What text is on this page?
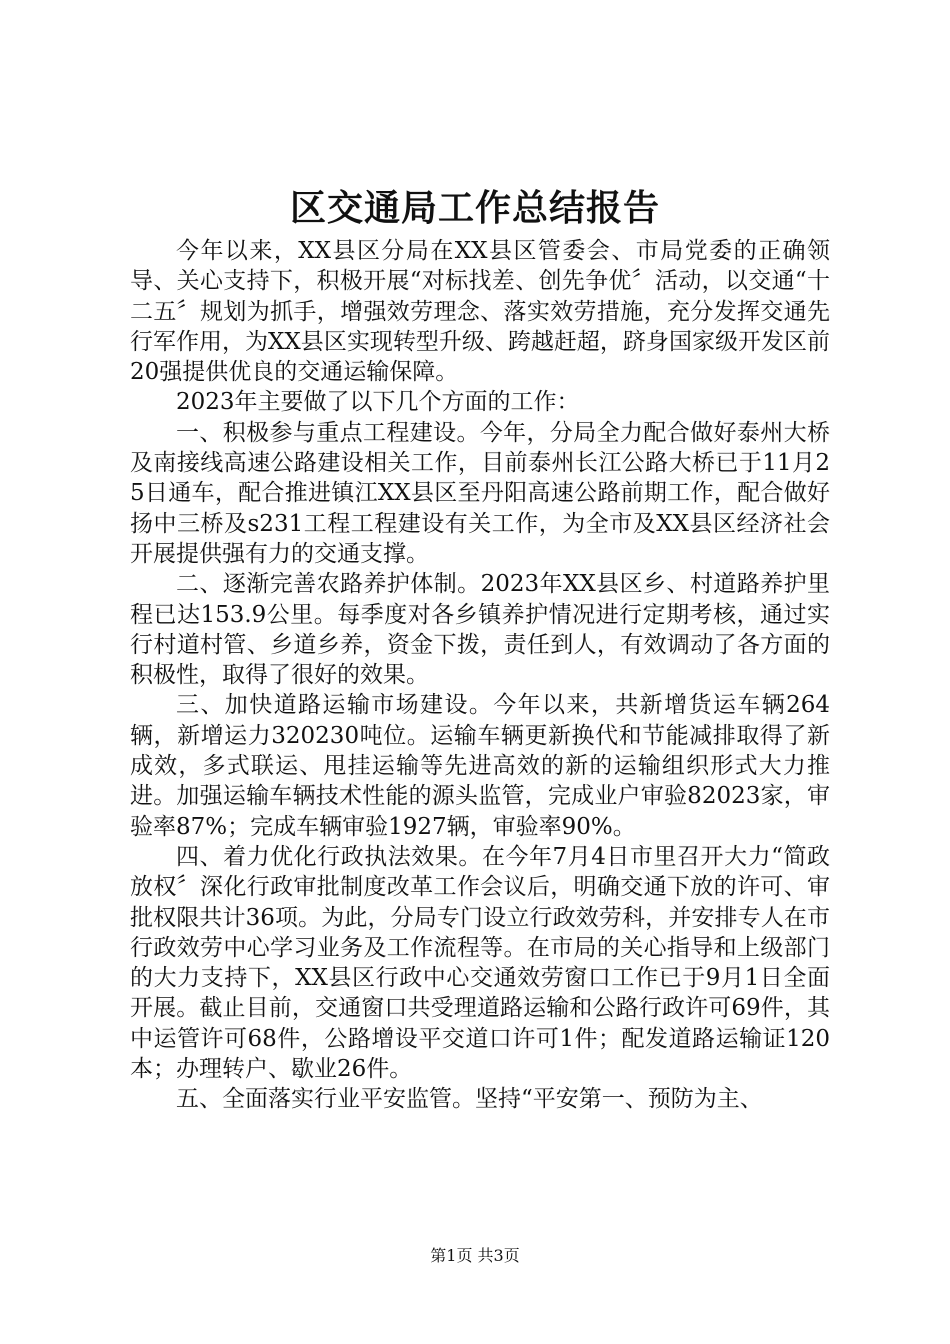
区交通局工作总结报告

今年以来，XX县区分局在XX县区管委会、市局党委的正确领导、关心支持下，积极开展“对标找差、创先争优〞活动，以交通“十二五〞规划为抓手，增强效劳理念、落实效劳措施，充分发挥交通先行军作用，为XX县区实现转型升级、跨越赶超，跻身国家级开发区前20强提供优良的交通运输保障。

2023年主要做了以下几个方面的工作：

一、积极参与重点工程建设。今年，分局全力配合做好泰州大桥及南接线高速公路建设相关工作，目前泰州长江公路大桥已于11月25日通车，配合推进镇江XX县区至丹阳高速公路前期工作，配合做好扬中三桥及s231工程工程建设有关工作，为全市及XX县区经济社会开展提供强有力的交通支撑。

二、逐渐完善农路养护体制。2023年XX县区乡、村道路养护里程已达153.9公里。每季度对各乡镇养护情况进行定期考核，通过实行村道村管、乡道乡养，资金下拨，责任到人，有效调动了各方面的积极性，取得了很好的效果。

三、加快道路运输市场建设。今年以来，共新增货运车辆264辆，新增运力320230吨位。运输车辆更新换代和节能减排取得了新成效，多式联运、甩挂运输等先进高效的新的运输组织形式大力推进。加强运输车辆技术性能的源头监管，完成业户审验82023家，审验率87%；完成车辆审验1927辆，审验率90%。

四、着力优化行政执法效果。在今年7月4日市里召开大力“简政放权〞深化行政审批制度改革工作会议后，明确交通下放的许可、审批权限共计36项。为此，分局专门设立行政效劳科，并安排专人在市行政效劳中心学习业务及工作流程等。在市局的关心指导和上级部门的大力支持下，XX县区行政中心交通效劳窗口工作已于9月1日全面开展。截止目前，交通窗口共受理道路运输和公路行政许可69件，其中运管许可68件，公路增设平交道口许可1件；配发道路运输证120本；办理转户、歇业26件。

五、全面落实行业平安监管。坚持“平安第一、预防为主、

第1页 共3页
